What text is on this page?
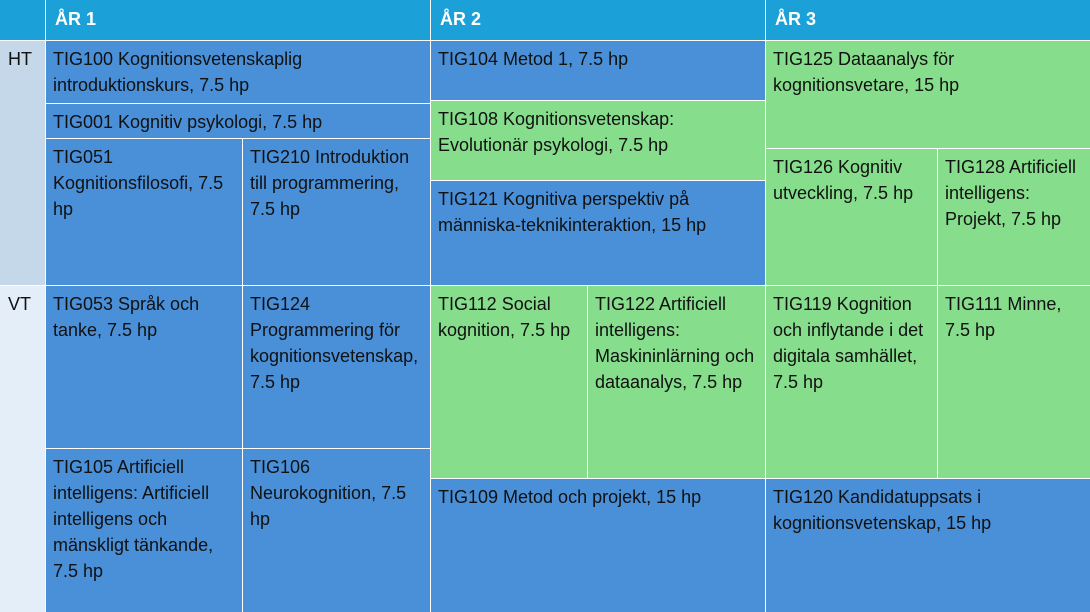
ÅR 1	ÅR 2	ÅR 3
HT
VT
TIG100 Kognitionsvetenskaplig introduktionskurs, 7.5 hp
TIG001 Kognitiv psykologi, 7.5 hp
TIG051 Kognitionsfilosofi, 7.5 hp
TIG210 Introduktion till programmering, 7.5 hp
TIG104 Metod 1, 7.5 hp
TIG108 Kognitionsvetenskap: Evolutionär psykologi, 7.5 hp
TIG121 Kognitiva perspektiv på människa-teknikinteraktion, 15 hp
TIG125 Dataanalys för kognitionsvetare, 15 hp
TIG126 Kognitiv utveckling, 7.5 hp
TIG128 Artificiell intelligens: Projekt, 7.5 hp
TIG053 Språk och tanke, 7.5 hp
TIG124 Programmering för kognitionsvetenskap, 7.5 hp
TIG105 Artificiell intelligens: Artificiell intelligens och mänskligt tänkande, 7.5 hp
TIG106 Neurokognition, 7.5 hp
TIG112 Social kognition, 7.5 hp
TIG122 Artificiell intelligens: Maskininlärning och dataanalys, 7.5 hp
TIG109 Metod och projekt, 15 hp
TIG119 Kognition och inflytande i det digitala samhället, 7.5 hp
TIG111 Minne, 7.5 hp
TIG120 Kandidatuppsats i kognitionsvetenskap, 15 hp
